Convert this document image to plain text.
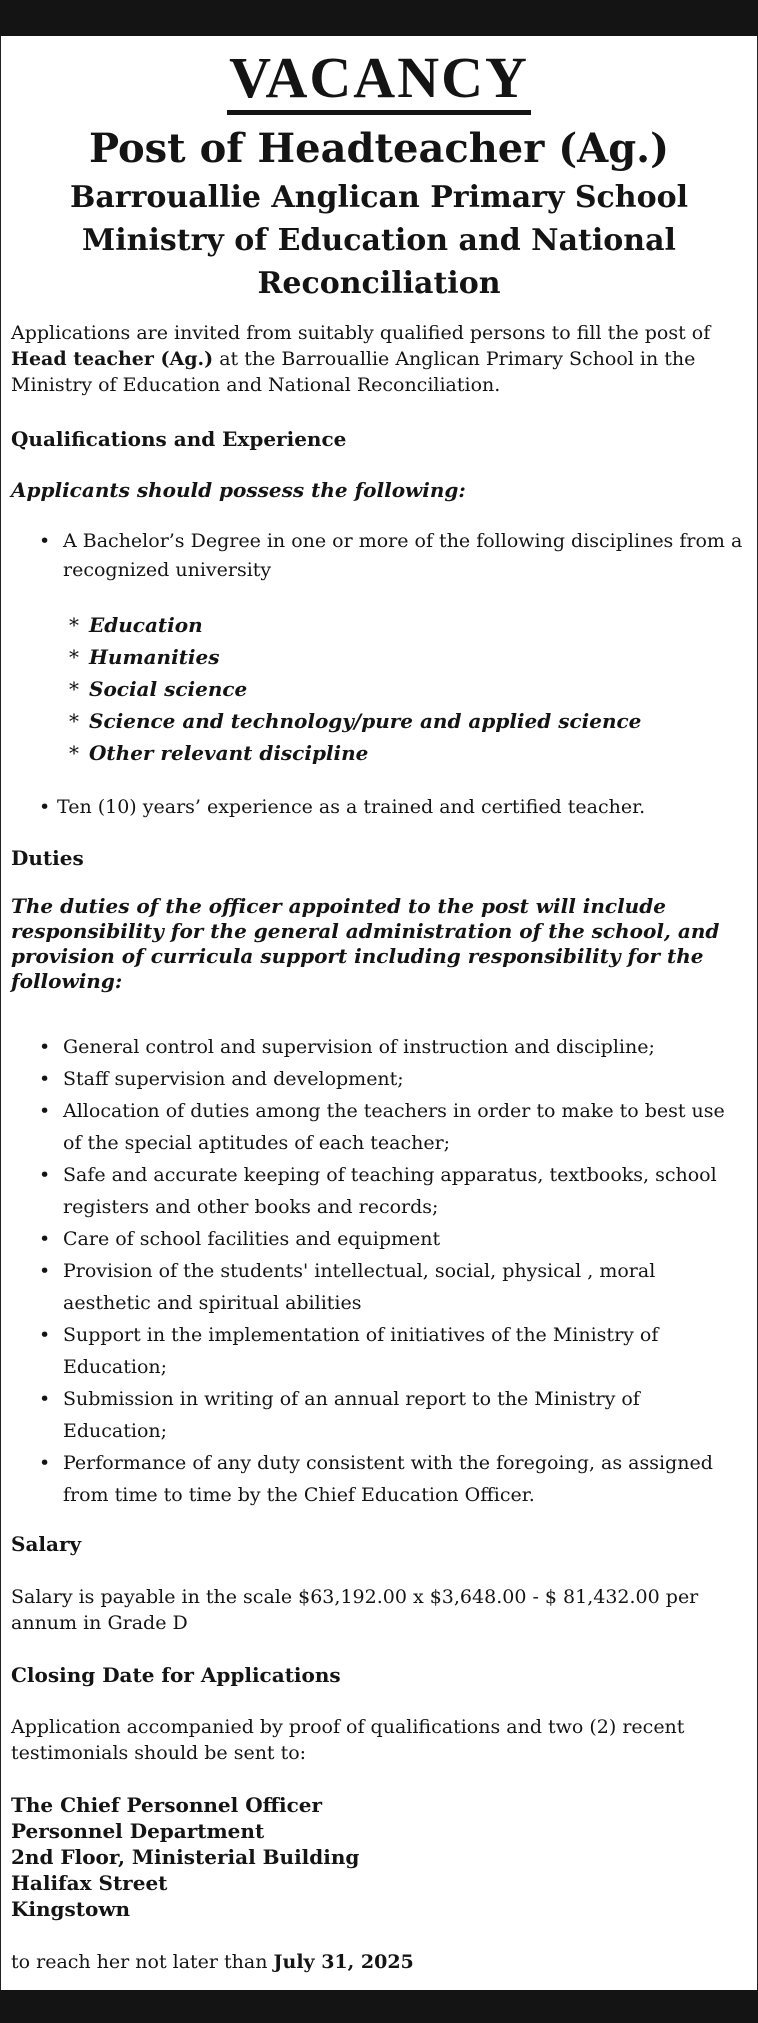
VACANCY
Post of Headteacher (Ag.)
Barrouallie Anglican Primary School
Ministry of Education and National Reconciliation
Applications are invited from suitably qualified persons to fill the post of
Head teacher (Ag.) at the Barrouallie Anglican Primary School in the Ministry of Education and National Reconciliation.
Qualifications and Experience
Applicants should possess the following:
• A Bachelor’s Degree in one or more of the following disciplines from a recognized university
* Education
* Humanities
* Social science
* Science and technology/pure and applied science
* Other relevant discipline
• Ten (10) years’ experience as a trained and certified teacher.
Duties
The duties of the officer appointed to the post will include responsibility for the general administration of the school, and provision of curricula support including responsibility for the following:
• General control and supervision of instruction and discipline;
• Staff supervision and development;
• Allocation of duties among the teachers in order to make to best use of the special aptitudes of each teacher;
• Safe and accurate keeping of teaching apparatus, textbooks, school registers and other books and records;
• Care of school facilities and equipment
• Provision of the students' intellectual, social, physical , moral aesthetic and spiritual abilities
• Support in the implementation of initiatives of the Ministry of Education;
• Submission in writing of an annual report to the Ministry of Education;
• Performance of any duty consistent with the foregoing, as assigned from time to time by the Chief Education Officer.
Salary
Salary is payable in the scale $63,192.00 x $3,648.00 - $ 81,432.00 per annum in Grade D
Closing Date for Applications
Application accompanied by proof of qualifications and two (2) recent testimonials should be sent to:
The Chief Personnel Officer
Personnel Department
2nd Floor, Ministerial Building
Halifax Street
Kingstown
to reach her not later than July 31, 2025
